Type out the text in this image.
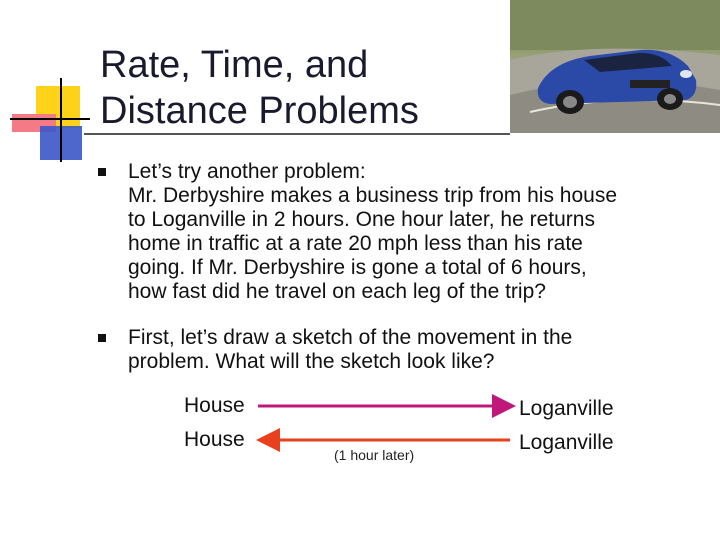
Rate, Time, and
Distance Problems

Let’s try another problem:

Mr. Derbyshire makes a business trip from his house

to Loganville in 2 hours. One hour later, he returns

home in traffic at a rate 20 mph less than his rate

going. If Mr. Derbyshire is gone a total of 6 hours,

how fast did he travel on each leg of the trip?

First, let’s draw a sketch of the movement in the

problem. What will the sketch look like?

House
House
Loganville
Loganville
(1 hour later)
